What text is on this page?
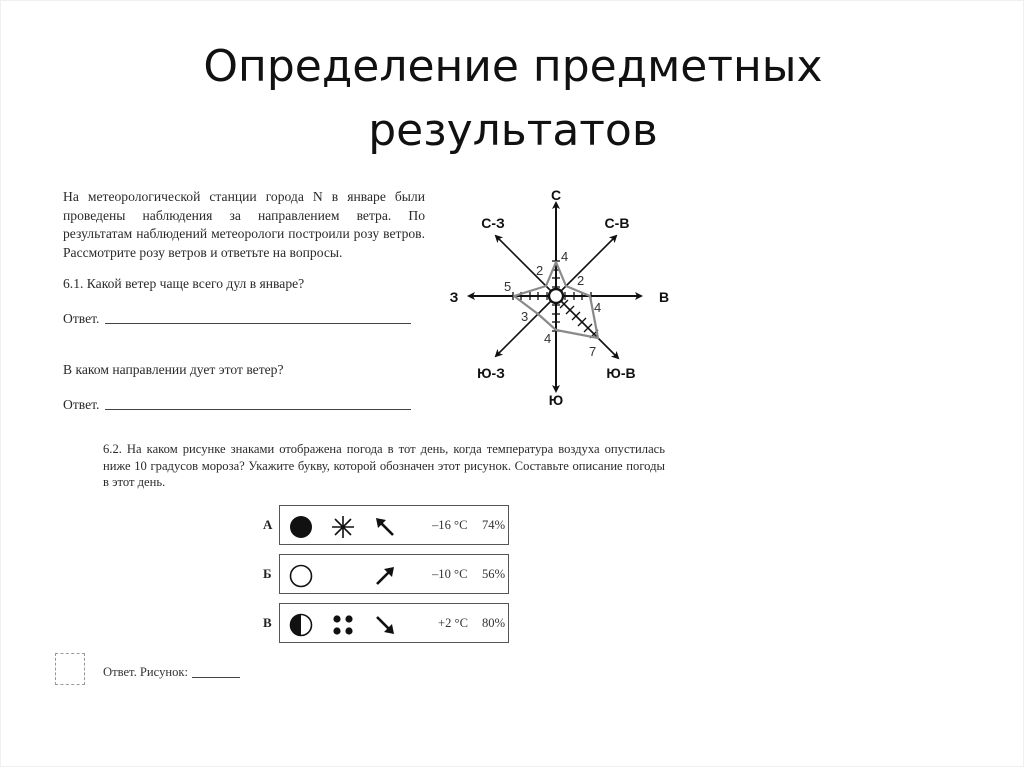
Определение предметных
результатов
На метеорологической станции города N в январе были проведены наблюдения за направлением ветра. По результатам наблюдений метеорологи построили розу ветров. Рассмотрите розу ветров и ответьте на вопросы.
6.1. Какой ветер чаще всего дул в январе?
Ответ.
В каком направлении дует этот ветер?
Ответ.
4
2
4
7
4
3
5
2
С
С-В
В
Ю-В
Ю
Ю-З
З
С-З
6.2. На каком рисунке знаками отображена погода в тот день, когда температура воздуха опустилась ниже 10 градусов мороза? Укажите букву, которой обозначен этот рисунок. Составьте описание погоды в этот день.
А	–16 °C 74%
Б	–10 °C 56%
В	+2 °C 80%
Ответ. Рисунок:
